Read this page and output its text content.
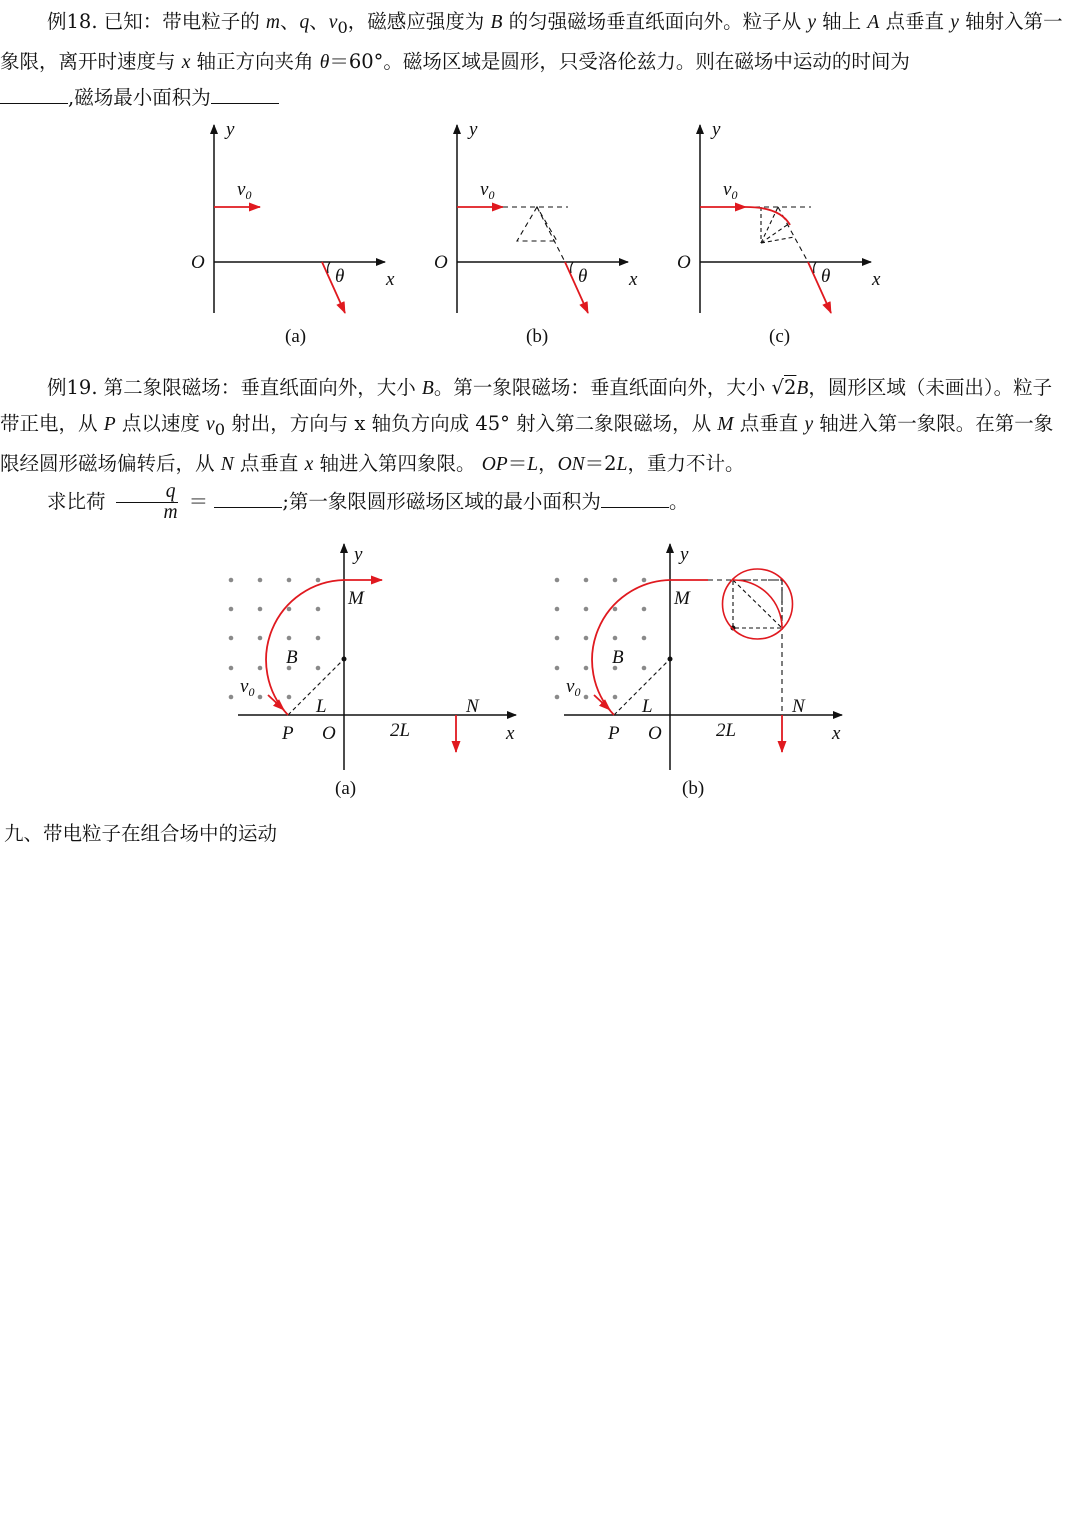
例18. 已知：带电粒子的 m、q、$v_0$，磁感应强度为 B 的匀强磁场垂直纸面向外。粒子从 y 轴上 A 点垂直 y 轴射入第一象限，离开时速度与 x 轴正方向夹角 θ＝60°。磁场区域是圆形，只受洛伦兹力。则在磁场中运动的时间为
,磁场最小面积为

y
x
O
$v_0$
θ
(a)
y
x
O
$v_0$
θ
(b)
y
x
O
$v_0$
θ
(c)

例19. 第二象限磁场：垂直纸面向外，大小 B。第一象限磁场：垂直纸面向外，大小 √2B，圆形区域（未画出）。粒子带正电，从 P 点以速度 $v_0$ 射出，方向与 x 轴负方向成 45° 射入第二象限磁场，从 M 点垂直 y 轴进入第一象限。在第一象限经圆形磁场偏转后，从 N 点垂直 x 轴进入第四象限。 OP＝L，ON＝2L，重力不计。

求比荷 $\frac{q}{m}$ ＝	;第一象限圆形磁场区域的最小面积为	。

y
x
O
M
B
P
L	N
2L
$v_0$
(a)
y
x
O
M
B
P
L	N
2L
$v_0$
(b)
九、带电粒子在组合场中的运动
